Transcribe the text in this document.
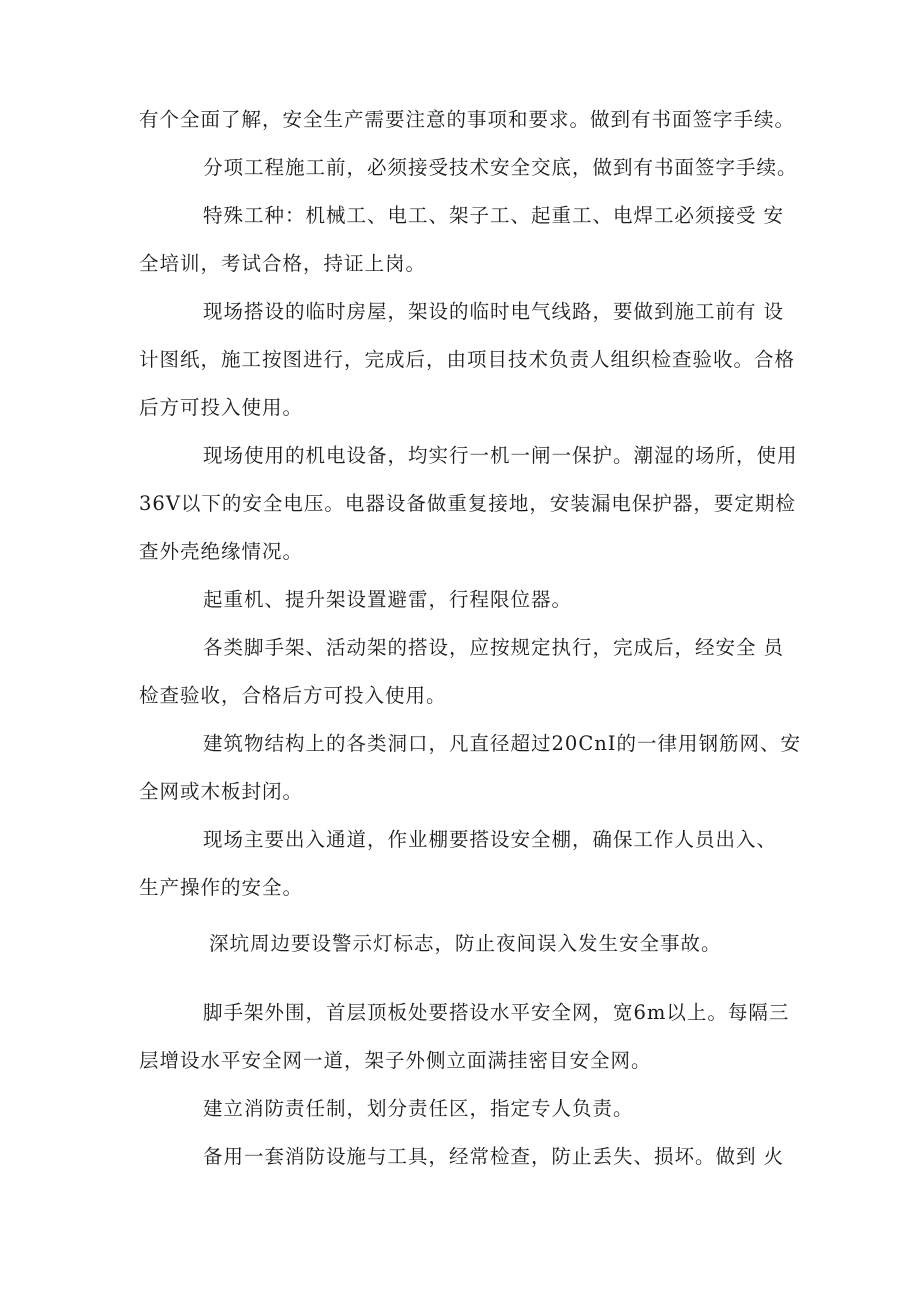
有个全面了解，安全生产需要注意的事项和要求。做到有书面签字手 续。
分项工程施工前，必须接受技术安全交底，做到有书面签字手 续。
特殊工种：机械工、电工、架子工、起重工、电焊工必须接受 安
全培训，考试合格，持证上岗。
现场搭设的临时房屋，架设的临时电气线路，要做到施工前有 设
计图纸，施工按图进行，完成后，由项目技术负责人组织检查验收。 合格
后方可投入使用。
现场使用的机电设备，均实行一机一闸一保护。潮湿的场所，使用
36V以下的安全电压。电器设备做重复接地，安装漏电保护器， 要定期检
查外壳绝缘情况。
起重机、提升架设置避雷，行程限位器。
各类脚手架、活动架的搭设，应按规定执行，完成后，经安全 员
检查验收，合格后方可投入使用。
建筑物结构上的各类洞口，凡直径超过20CnI的一律用钢筋网、 安
全网或木板封闭。
现场主要出入通道，作业棚要搭设安全棚，确保工作人员出入、
生产操作的安全。
深坑周边要设警示灯标志，防止夜间误入发生安全事故。
脚手架外围，首层顶板处要搭设水平安全网，宽6m以上。每 隔三
层增设水平安全网一道，架子外侧立面满挂密目安全网。
建立消防责任制，划分责任区，指定专人负责。
备用一套消防设施与工具，经常检查，防止丢失、损坏。做到 火
